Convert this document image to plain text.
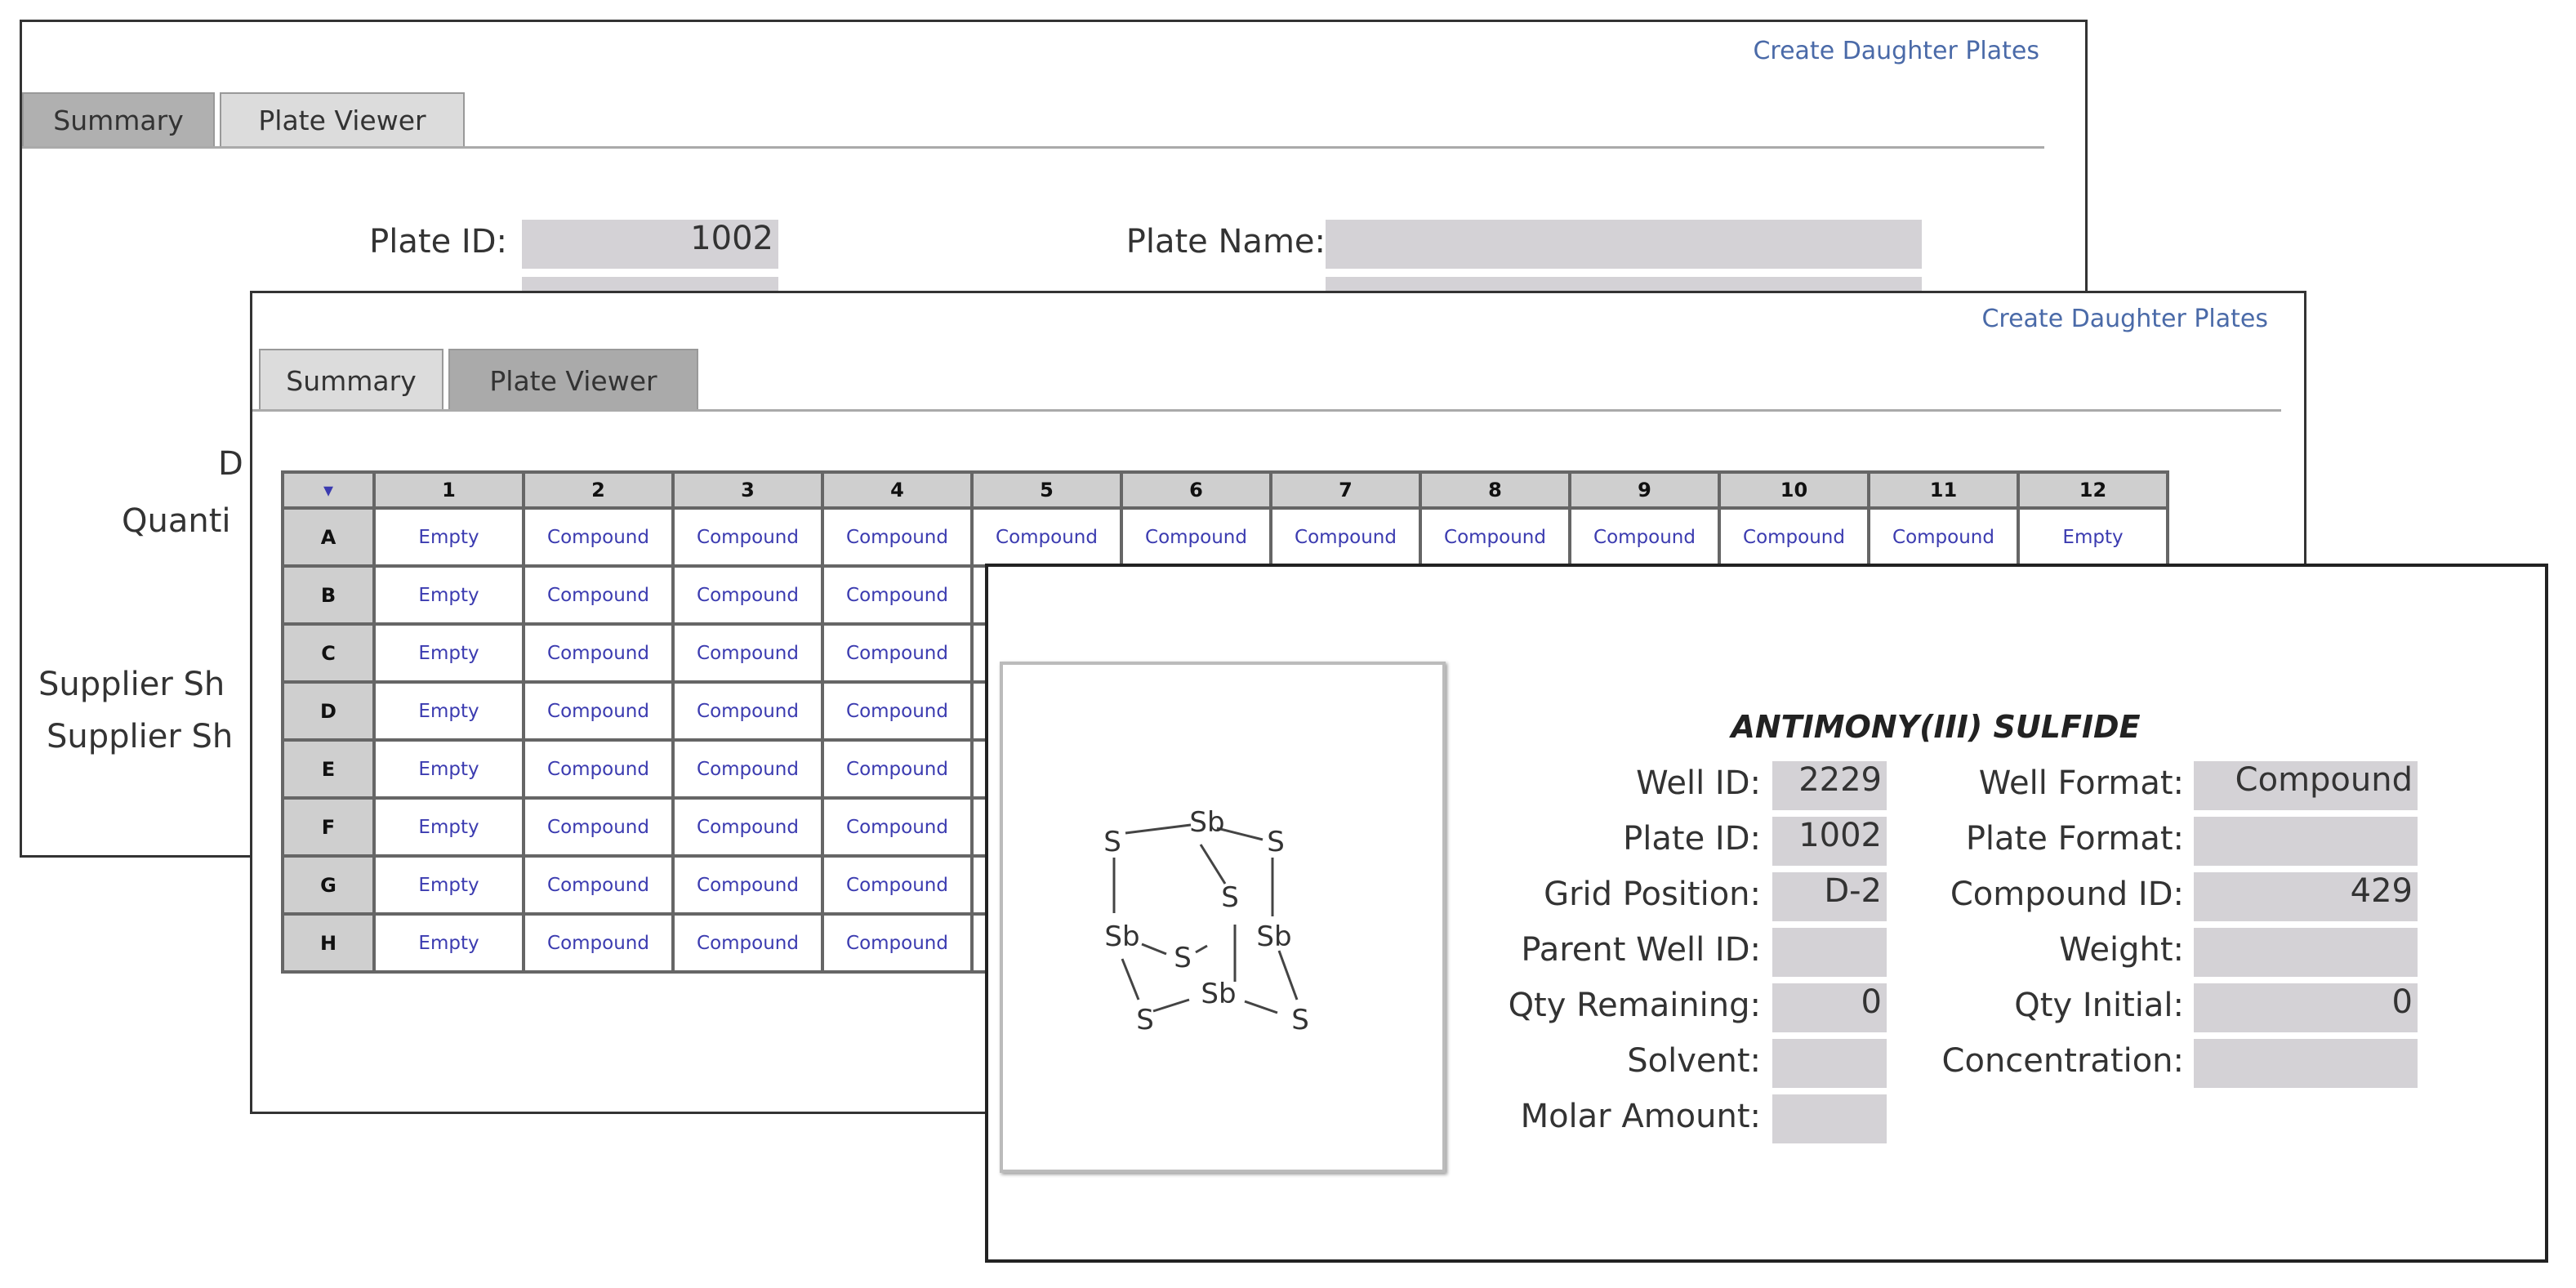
Create Daughter Plates
Summary	Plate Viewer
Plate ID:	1002	Plate Name:
D
Quanti
Supplier Sh
Supplier Sh
Create Daughter Plates
Summary	Plate Viewer
▾	1	2	3	4	5	6	7	8	9	10	11	12
A	Empty	Compound	Compound	Compound	Compound	Compound	Compound	Compound	Compound	Compound	Compound	Empty
B	Empty	Compound	Compound	Compound								
C	Empty	Compound	Compound	Compound								
D	Empty	Compound	Compound	Compound								
E	Empty	Compound	Compound	Compound								
F	Empty	Compound	Compound	Compound								
G	Empty	Compound	Compound	Compound								
H	Empty	Compound	Compound	Compound								
S
Sb
S
S
Sb
S
Sb
Sb
S	S
ANTIMONY(III) SULFIDE
Well ID:	2229
Plate ID:	1002
Grid Position:	D-2
Parent Well ID:
Qty Remaining:	0
Solvent:
Molar Amount:
Well Format:	Compound
Plate Format:
Compound ID:	429
Weight:
Qty Initial:	0
Concentration:
